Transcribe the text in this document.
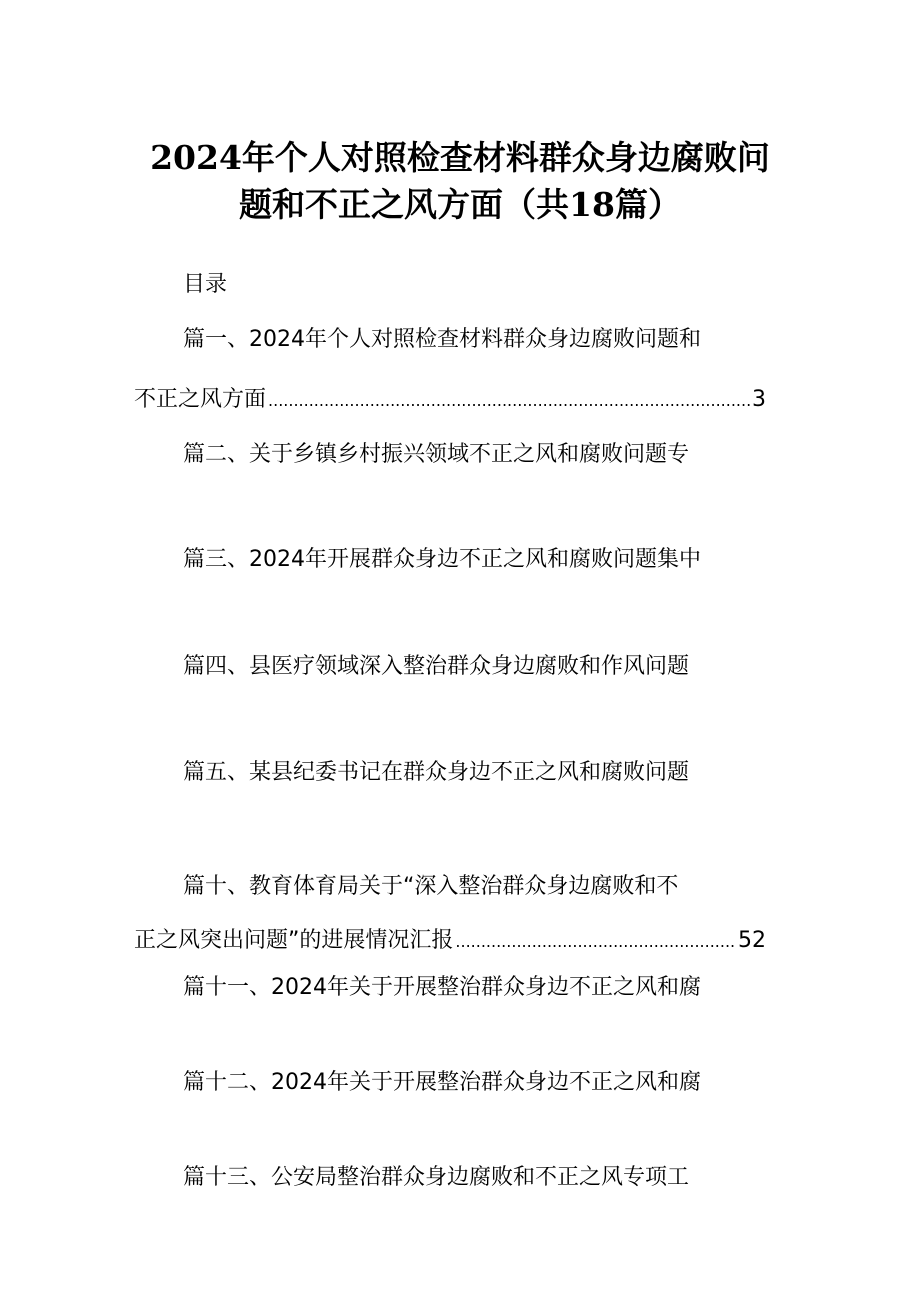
2024年个人对照检查材料群众身边腐败问
题和不正之风方面（共18篇）
目录
篇一、2024年个人对照检查材料群众身边腐败问题和
不正之风方面 .....	3
篇二、关于乡镇乡村振兴领域不正之风和腐败问题专
篇三、2024年开展群众身边不正之风和腐败问题集中
篇四、县医疗领域深入整治群众身边腐败和作风问题
篇五、某县纪委书记在群众身边不正之风和腐败问题
篇十、教育体育局关于“深入整治群众身边腐败和不
正之风突出问题”的进展情况汇报 .....	52
篇十一、2024年关于开展整治群众身边不正之风和腐
篇十二、2024年关于开展整治群众身边不正之风和腐
篇十三、公安局整治群众身边腐败和不正之风专项工
